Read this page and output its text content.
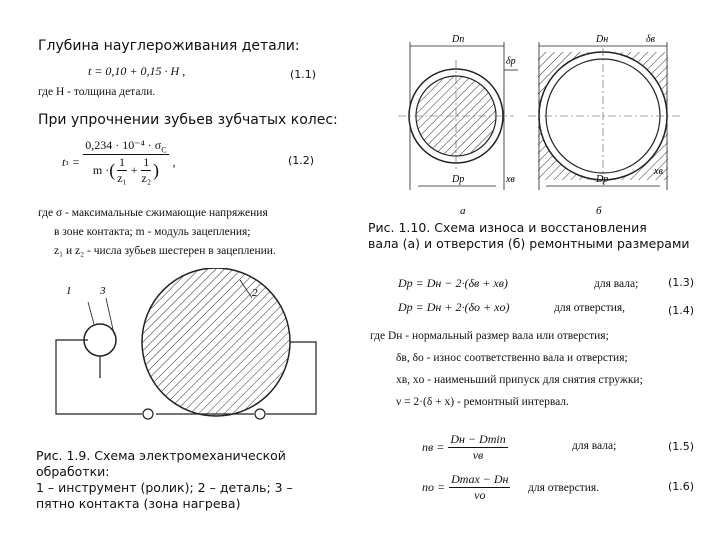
Глубина науглероживания детали:
t = 0,10 + 0,15 · H ,	(1.1)
где H - толщина детали.
При упрочнении зубьев зубчатых колес:
t $з = \frac{0,234 \cdot 10^{-4} \cdot \sigma_C}{m \cdot ( \frac{1}{\text{z₁}} + \frac{1}{\text{z₂}} )}$ ,	(1.2)
где σ - максимальные сжимающие напряжения
в зоне контакта; m - модуль зацепления;
z₁ и z₂ - числа зубьев шестерен в зацеплении.
1	3	2
Рис. 1.9. Схема электромеханической
обработки:
1 – инструмент (ролик); 2 – деталь; 3 –
пятно контакта (зона нагрева)
Dn
δp
Dp	xв
а
Dн	δв
Dр
xв
б
Рис. 1.10. Схема износа и восстановления
вала (а) и отверстия (б) ремонтными размерами
Dр = Dн − 2·(δв + xв)	для вала;	(1.3)
Dр = Dн + 2·(δо + xо)	для отверстия,	(1.4)
где Dн - нормальный размер вала или отверстия;
δв, δо - износ соответственно вала и отверстия;
xв, xо - наименьший припуск для снятия стружки;
ν = 2·(δ + x) - ремонтный интервал.
nв = $\frac{Dн - Dmin}{\nu в}$	для вала;	(1.5)
nо = $\frac{Dmax - Dн}{\nu о}$ для отверстия.	(1.6)
